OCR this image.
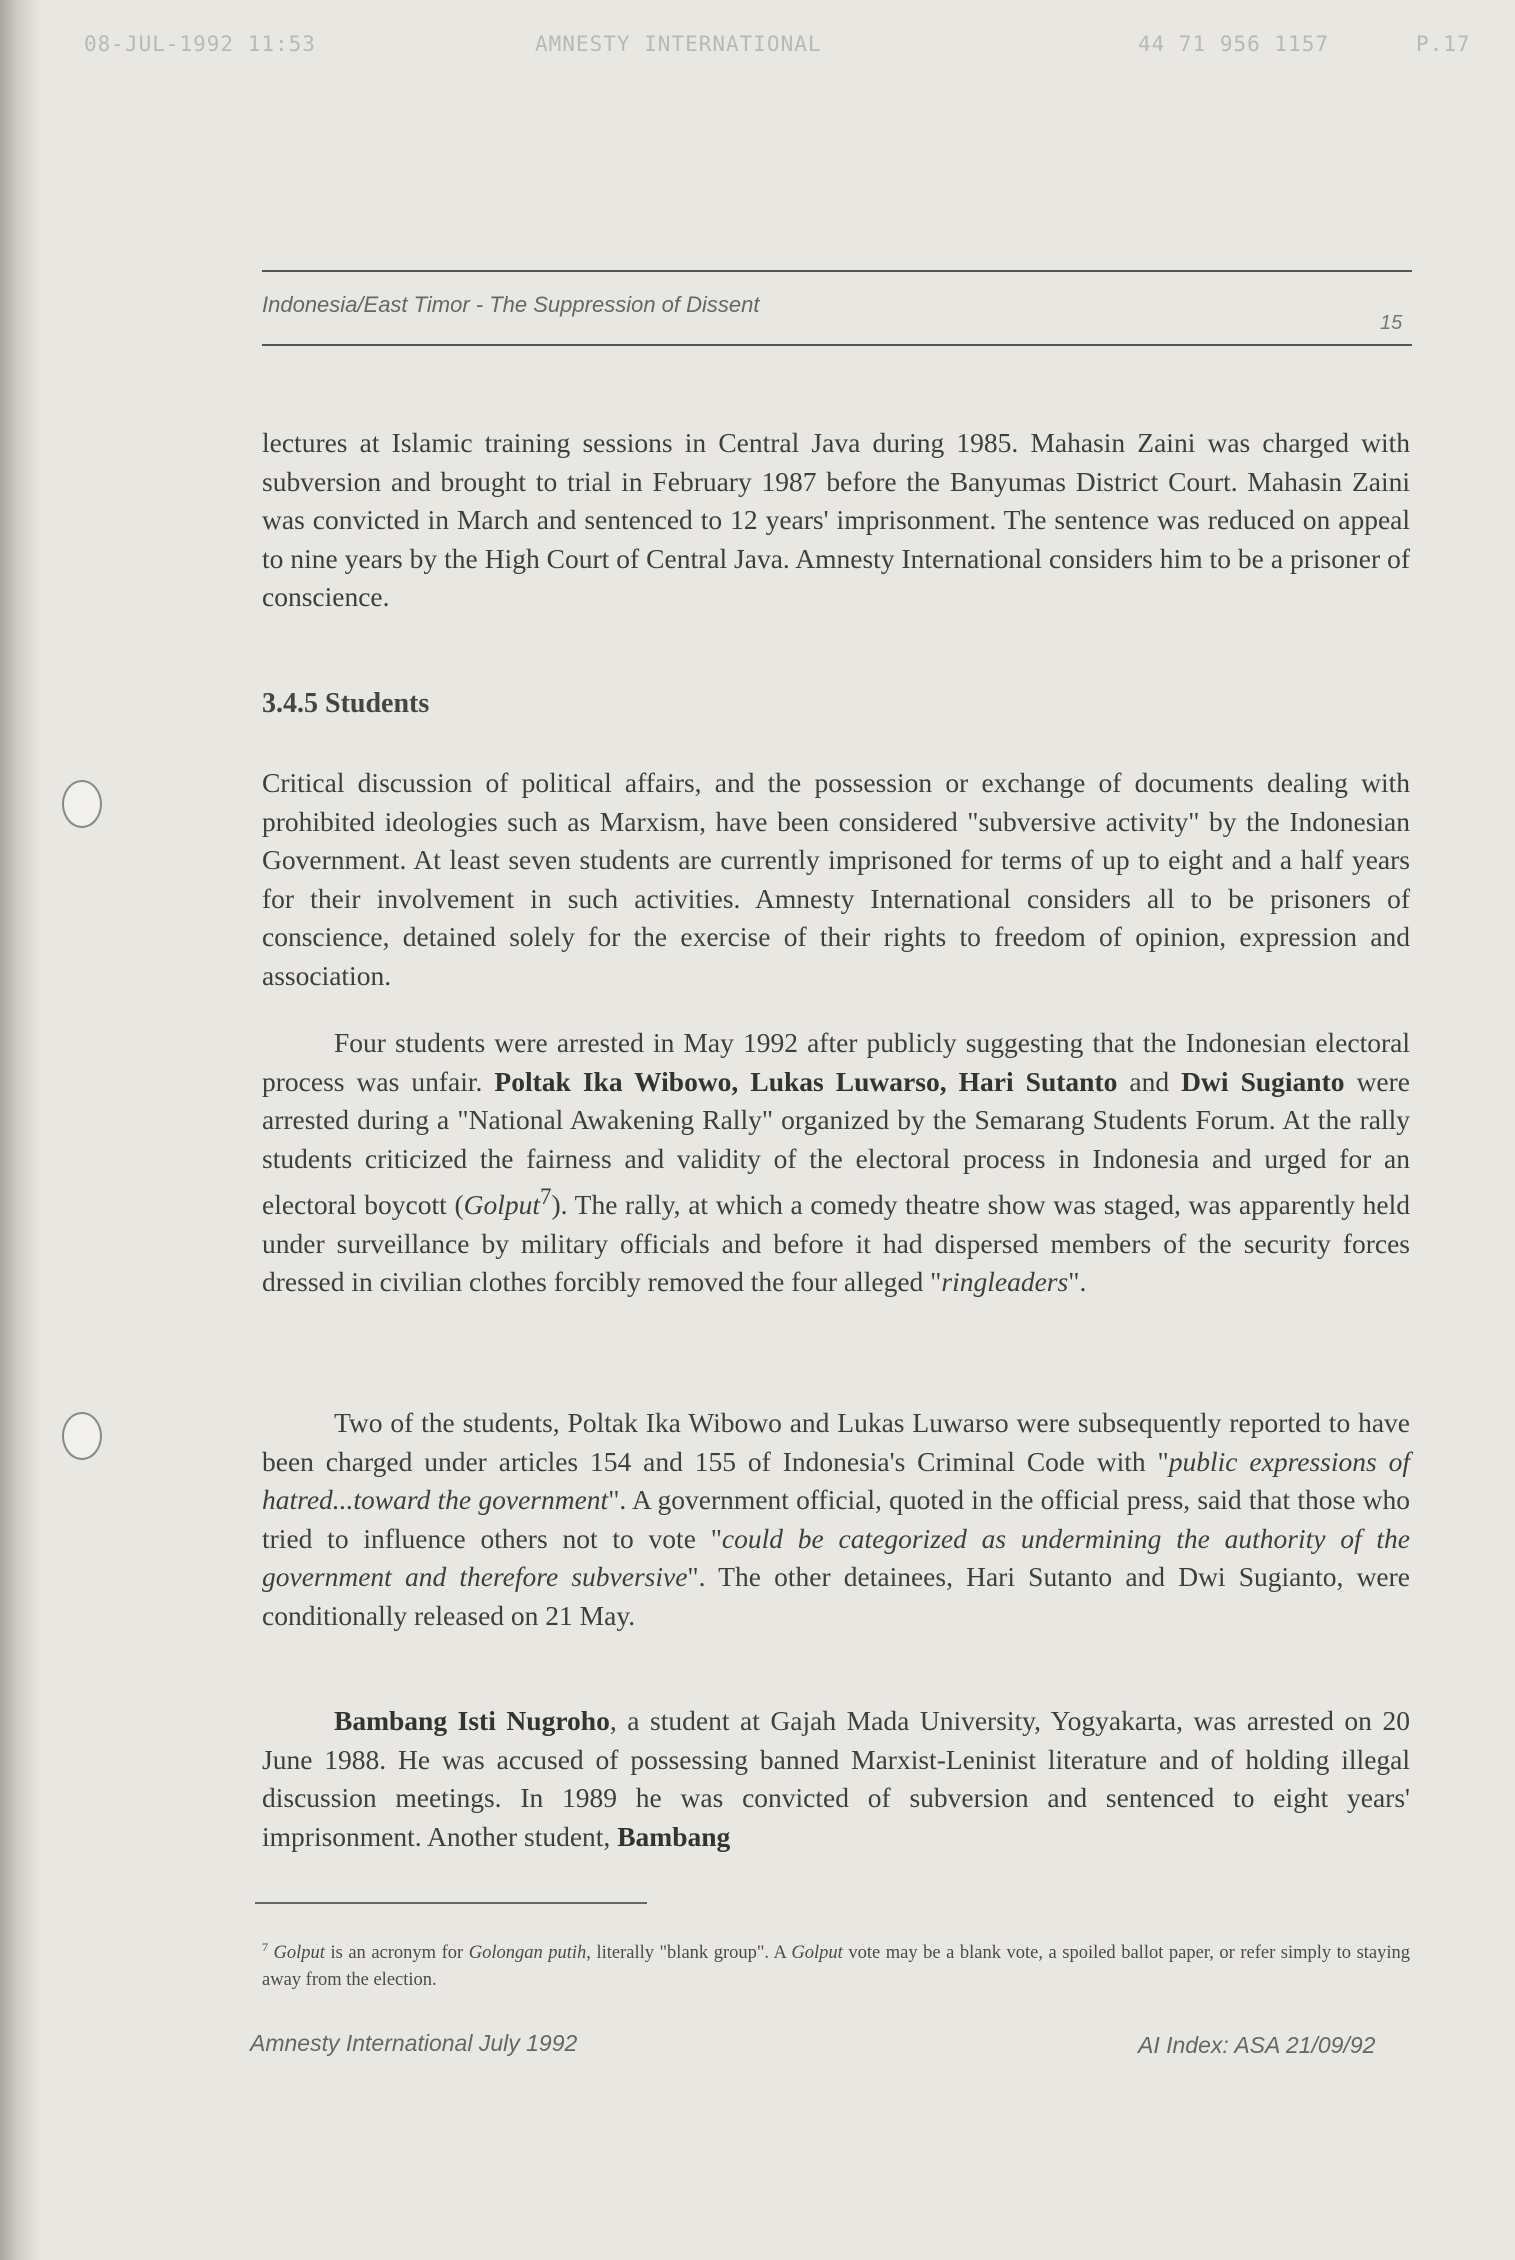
08-JUL-1992 11:53	AMNESTY INTERNATIONAL	44 71 956 1157	P.17
Indonesia/East Timor - The Suppression of Dissent
15
lectures at Islamic training sessions in Central Java during 1985. Mahasin Zaini was charged with subversion and brought to trial in February 1987 before the Banyumas District Court. Mahasin Zaini was convicted in March and sentenced to 12 years' imprisonment. The sentence was reduced on appeal to nine years by the High Court of Central Java. Amnesty International considers him to be a prisoner of conscience.
3.4.5 Students
Critical discussion of political affairs, and the possession or exchange of documents dealing with prohibited ideologies such as Marxism, have been considered "subversive activity" by the Indonesian Government. At least seven students are currently imprisoned for terms of up to eight and a half years for their involvement in such activities. Amnesty International considers all to be prisoners of conscience, detained solely for the exercise of their rights to freedom of opinion, expression and association.
Four students were arrested in May 1992 after publicly suggesting that the Indonesian electoral process was unfair. Poltak Ika Wibowo, Lukas Luwarso, Hari Sutanto and Dwi Sugianto were arrested during a "National Awakening Rally" organized by the Semarang Students Forum. At the rally students criticized the fairness and validity of the electoral process in Indonesia and urged for an electoral boycott (Golput$^7$). The rally, at which a comedy theatre show was staged, was apparently held under surveillance by military officials and before it had dispersed members of the security forces dressed in civilian clothes forcibly removed the four alleged "ringleaders".
Two of the students, Poltak Ika Wibowo and Lukas Luwarso were subsequently reported to have been charged under articles 154 and 155 of Indonesia's Criminal Code with "public expressions of hatred...toward the government". A government official, quoted in the official press, said that those who tried to influence others not to vote "could be categorized as undermining the authority of the government and therefore subversive". The other detainees, Hari Sutanto and Dwi Sugianto, were conditionally released on 21 May.
Bambang Isti Nugroho, a student at Gajah Mada University, Yogyakarta, was arrested on 20 June 1988. He was accused of possessing banned Marxist-Leninist literature and of holding illegal discussion meetings. In 1989 he was convicted of subversion and sentenced to eight years' imprisonment. Another student, Bambang
$^7$ Golput is an acronym for Golongan putih, literally "blank group". A Golput vote may be a blank vote, a spoiled ballot paper, or refer simply to staying away from the election.
Amnesty International July 1992	AI Index: ASA 21/09/92
